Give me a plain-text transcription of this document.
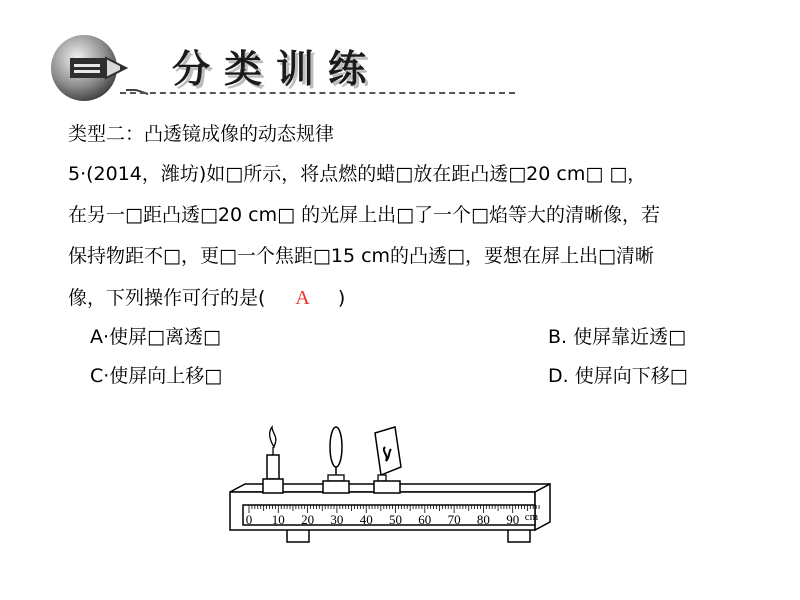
分类训练
类型二：凸透镜成像的动态规律
5·(2014，潍坊)如□所示，将点燃的蜡□放在距凸透□20 cm□ □，
在另一□距凸透□20 cm□ 的光屏上出□了一个□焰等大的清晰像，若
保持物距不□，更□一个焦距□15 cm的凸透□，要想在屏上出□清晰
像，下列操作可行的是( A )
A·使屏□离透□	B. 使屏靠近透□
C·使屏向上移□	D. 使屏向下移□
0 10 20 30 40 50 60 70 80 90 cm
